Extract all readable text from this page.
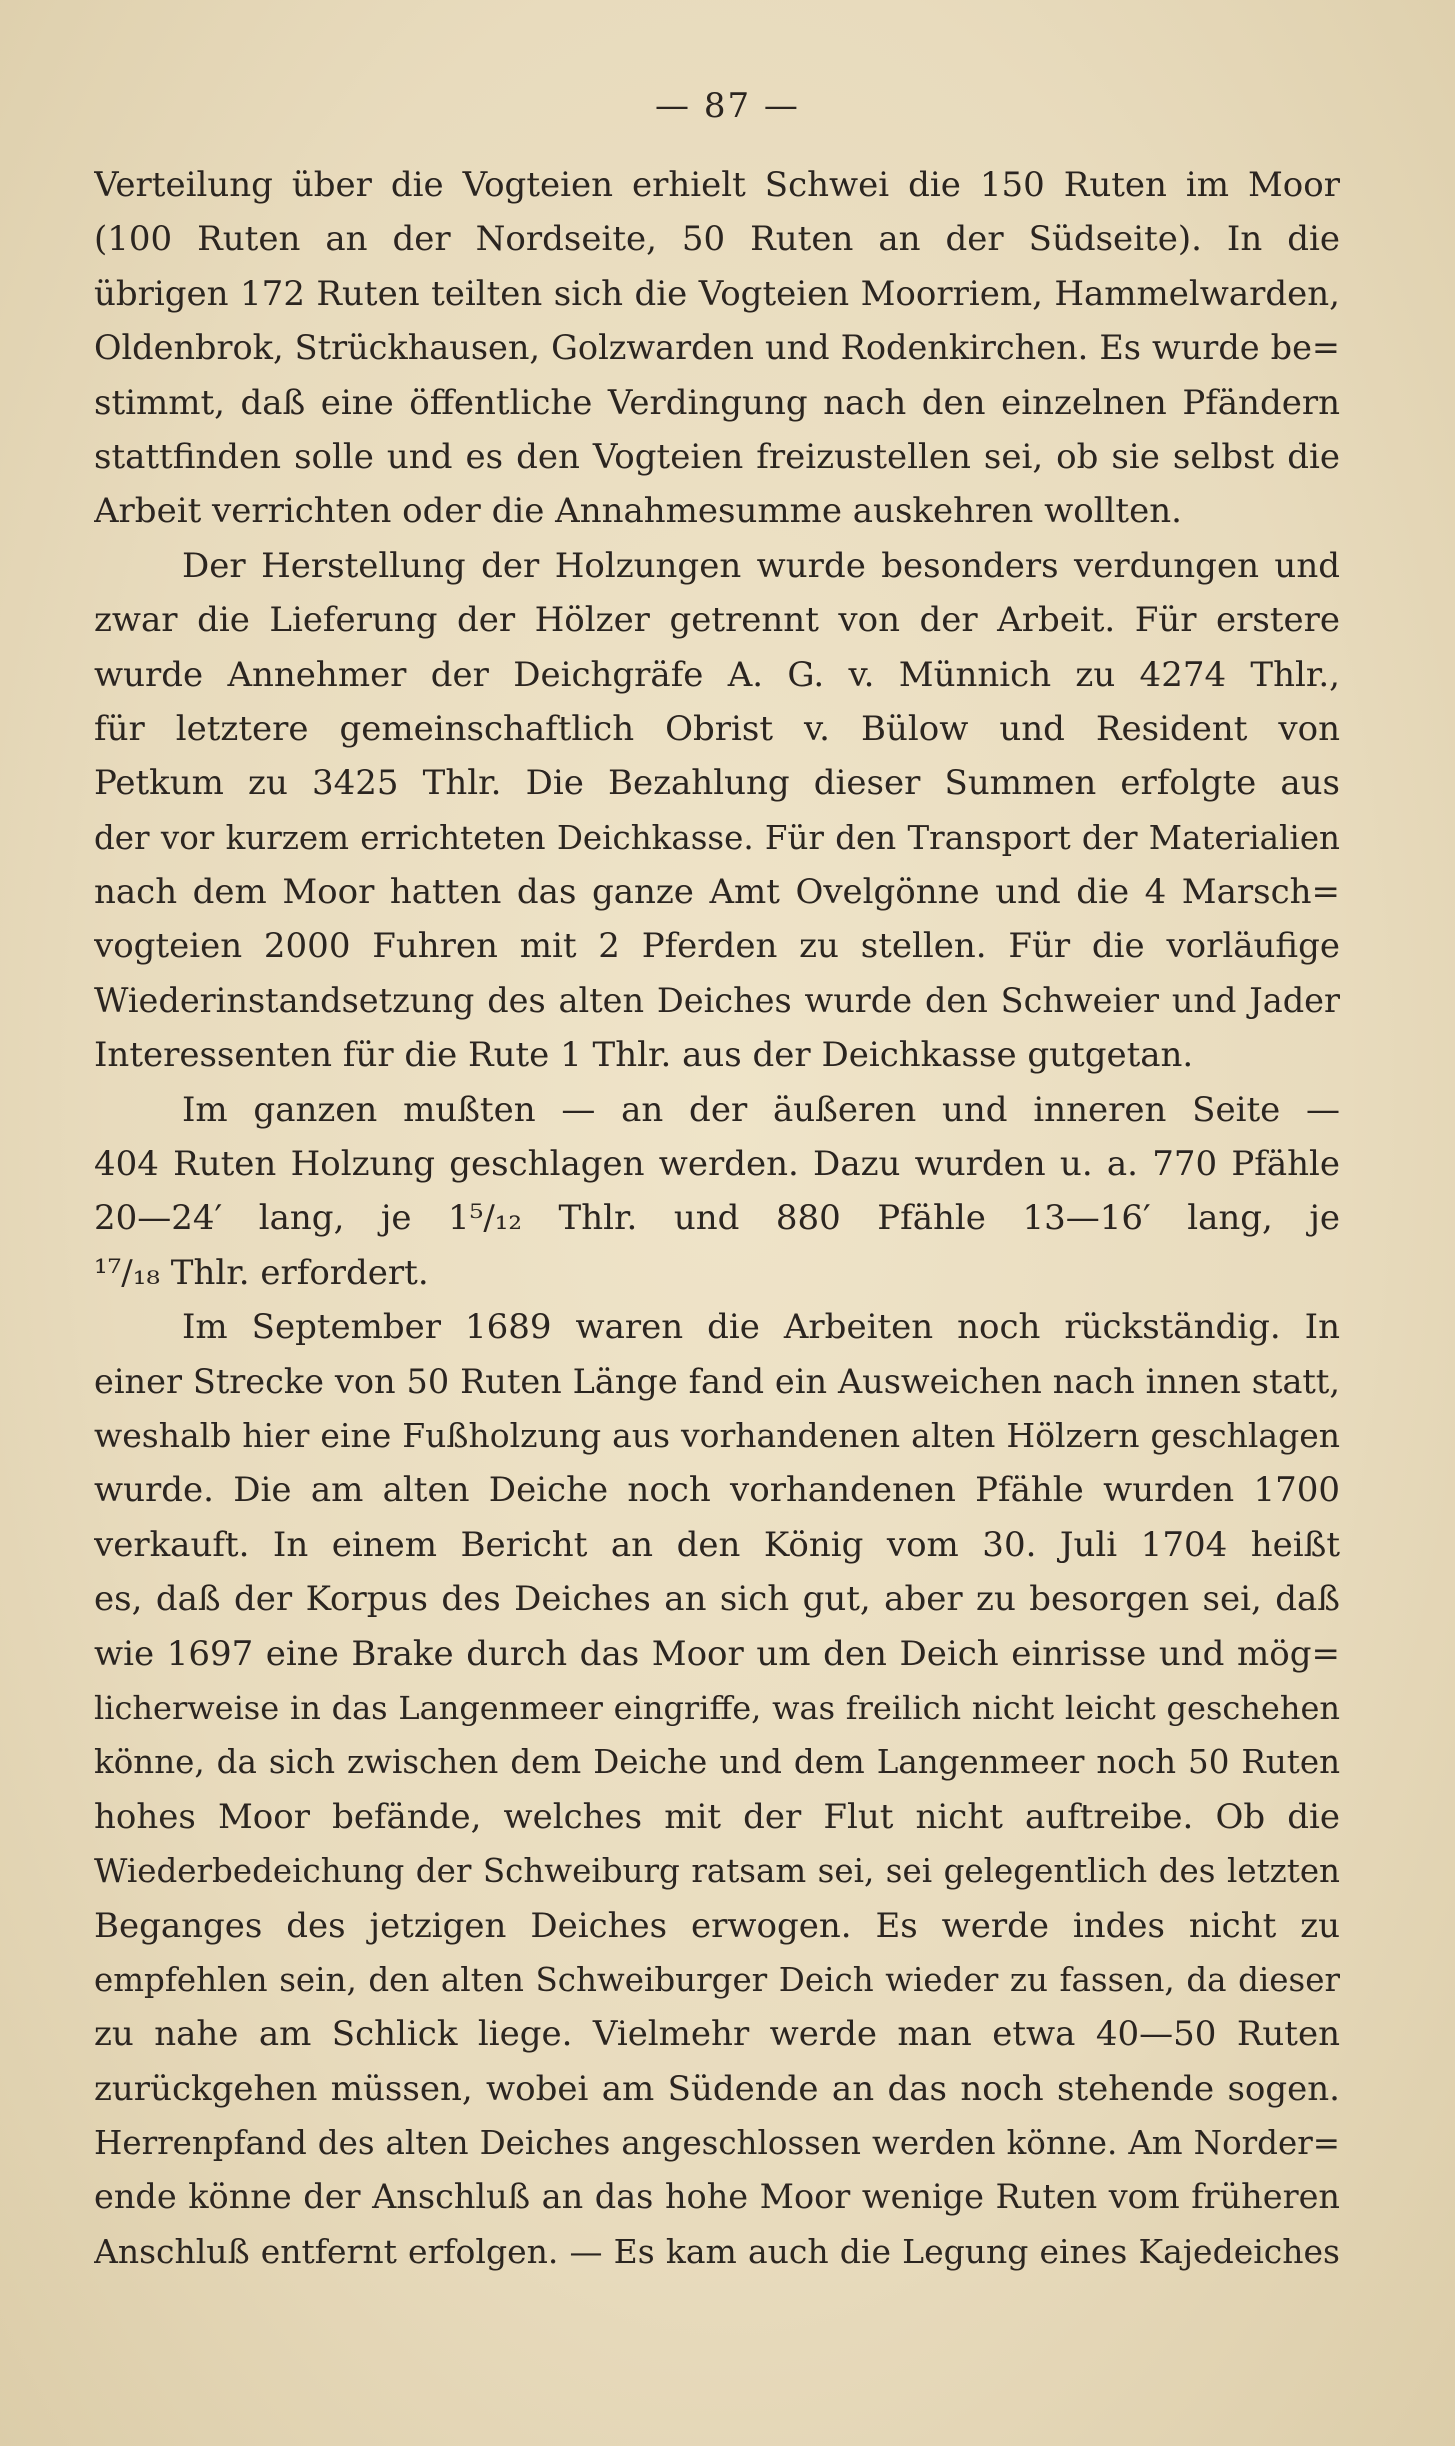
— 87 —
Verteilung über die Vogteien erhielt Schwei die 150 Ruten im Moor
(100 Ruten an der Nordseite, 50 Ruten an der Südseite). In die
übrigen 172 Ruten teilten sich die Vogteien Moorriem, Hammelwarden,
Oldenbrok, Strückhausen, Golzwarden und Rodenkirchen. Es wurde be=
stimmt, daß eine öffentliche Verdingung nach den einzelnen Pfändern
stattfinden solle und es den Vogteien freizustellen sei, ob sie selbst die
Arbeit verrichten oder die Annahmesumme auskehren wollten.
Der Herstellung der Holzungen wurde besonders verdungen und
zwar die Lieferung der Hölzer getrennt von der Arbeit. Für erstere
wurde Annehmer der Deichgräfe A. G. v. Münnich zu 4274 Thlr.,
für letztere gemeinschaftlich Obrist v. Bülow und Resident von
Petkum zu 3425 Thlr. Die Bezahlung dieser Summen erfolgte aus
der vor kurzem errichteten Deichkasse. Für den Transport der Materialien
nach dem Moor hatten das ganze Amt Ovelgönne und die 4 Marsch=
vogteien 2000 Fuhren mit 2 Pferden zu stellen. Für die vorläufige
Wiederinstandsetzung des alten Deiches wurde den Schweier und Jader
Interessenten für die Rute 1 Thlr. aus der Deichkasse gutgetan.
Im ganzen mußten — an der äußeren und inneren Seite —
404 Ruten Holzung geschlagen werden. Dazu wurden u. a. 770 Pfähle
20—24′ lang, je 1⁵/₁₂ Thlr. und 880 Pfähle 13—16′ lang, je
¹⁷/₁₈ Thlr. erfordert.
Im September 1689 waren die Arbeiten noch rückständig. In
einer Strecke von 50 Ruten Länge fand ein Ausweichen nach innen statt,
weshalb hier eine Fußholzung aus vorhandenen alten Hölzern geschlagen
wurde. Die am alten Deiche noch vorhandenen Pfähle wurden 1700
verkauft. In einem Bericht an den König vom 30. Juli 1704 heißt
es, daß der Korpus des Deiches an sich gut, aber zu besorgen sei, daß
wie 1697 eine Brake durch das Moor um den Deich einrisse und mög=
licherweise in das Langenmeer eingriffe, was freilich nicht leicht geschehen
könne, da sich zwischen dem Deiche und dem Langenmeer noch 50 Ruten
hohes Moor befände, welches mit der Flut nicht auftreibe. Ob die
Wiederbedeichung der Schweiburg ratsam sei, sei gelegentlich des letzten
Beganges des jetzigen Deiches erwogen. Es werde indes nicht zu
empfehlen sein, den alten Schweiburger Deich wieder zu fassen, da dieser
zu nahe am Schlick liege. Vielmehr werde man etwa 40—50 Ruten
zurückgehen müssen, wobei am Südende an das noch stehende sogen.
Herrenpfand des alten Deiches angeschlossen werden könne. Am Norder=
ende könne der Anschluß an das hohe Moor wenige Ruten vom früheren
Anschluß entfernt erfolgen. — Es kam auch die Legung eines Kajedeiches
